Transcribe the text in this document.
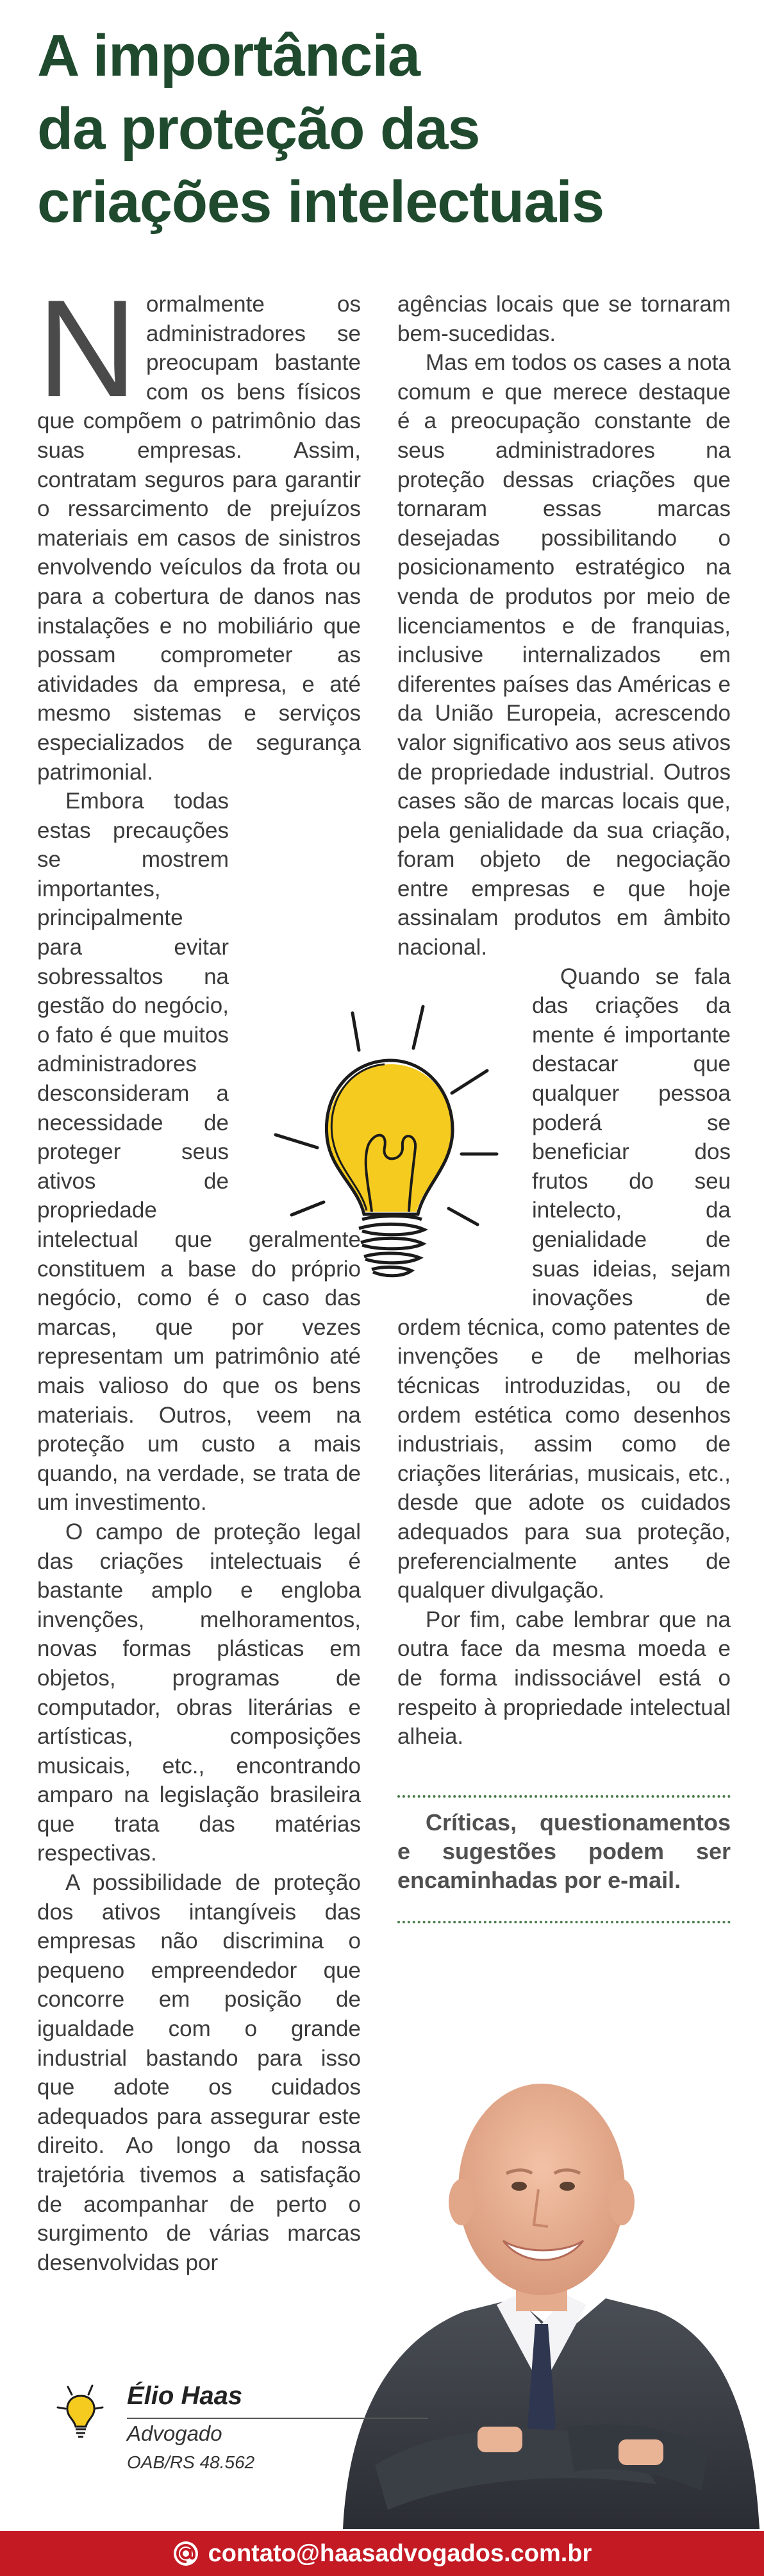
A importância
da proteção das
criações intelectuais

Normalmente os administradores se preocupam bastante com os bens físicos que compõem o patrimônio das suas empresas. Assim, contratam seguros para garantir o ressarcimento de prejuízos materiais em casos de sinistros envolvendo veículos da frota ou para a cobertura de danos nas instalações e no mobiliário que possam comprometer as atividades da empresa, e até mesmo sistemas e serviços especializados de segurança patrimonial.

Embora todas estas precauções se mostrem importantes, principalmente para evitar sobressaltos na gestão do negócio, o fato é que muitos administradores desconsideram a necessidade de proteger seus ativos de propriedade intelectual que geralmente constituem a base do próprio negócio, como é o caso das marcas, que por vezes representam um patrimônio até mais valioso do que os bens materiais. Outros, veem na proteção um custo a mais quando, na verdade, se trata de um investimento.

O campo de proteção legal das criações intelectuais é bastante amplo e engloba invenções, melhoramentos, novas formas plásticas em objetos, programas de computador, obras literárias e artísticas, composições musicais, etc., encontrando amparo na legislação brasileira que trata das matérias respectivas.

A possibilidade de proteção dos ativos intangíveis das empresas não discrimina o pequeno empreendedor que concorre em posição de igualdade com o grande industrial bastando para isso que adote os cuidados adequados para assegurar este direito. Ao longo da nossa trajetória tivemos a satisfação de acompanhar de perto o surgimento de várias marcas desenvolvidas por

agências locais que se tornaram bem-sucedidas.

Mas em todos os cases a nota comum e que merece destaque é a preocupação constante de seus administradores na proteção dessas criações que tornaram essas marcas desejadas possibilitando o posicionamento estratégico na venda de produtos por meio de licenciamentos e de franquias, inclusive internalizados em diferentes países das Américas e da União Europeia, acrescendo valor significativo aos seus ativos de propriedade industrial. Outros cases são de marcas locais que, pela genialidade da sua criação, foram objeto de negociação entre empresas e que hoje assinalam produtos em âmbito nacional.

Quando se fala das criações da mente é importante destacar que qualquer pessoa poderá se beneficiar dos frutos do seu intelecto, da genialidade de suas ideias, sejam inovações de ordem técnica, como patentes de invenções e de melhorias técnicas introduzidas, ou de ordem estética como desenhos industriais, assim como de criações literárias, musicais, etc., desde que adote os cuidados adequados para sua proteção, preferencialmente antes de qualquer divulgação.

Por fim, cabe lembrar que na outra face da mesma moeda e de forma indissociável está o respeito à propriedade intelectual alheia.

Críticas, questionamentos e sugestões podem ser encaminhadas por e-mail.

Élio Haas
Advogado
OAB/RS 48.562
contato@haasadvogados.com.br
